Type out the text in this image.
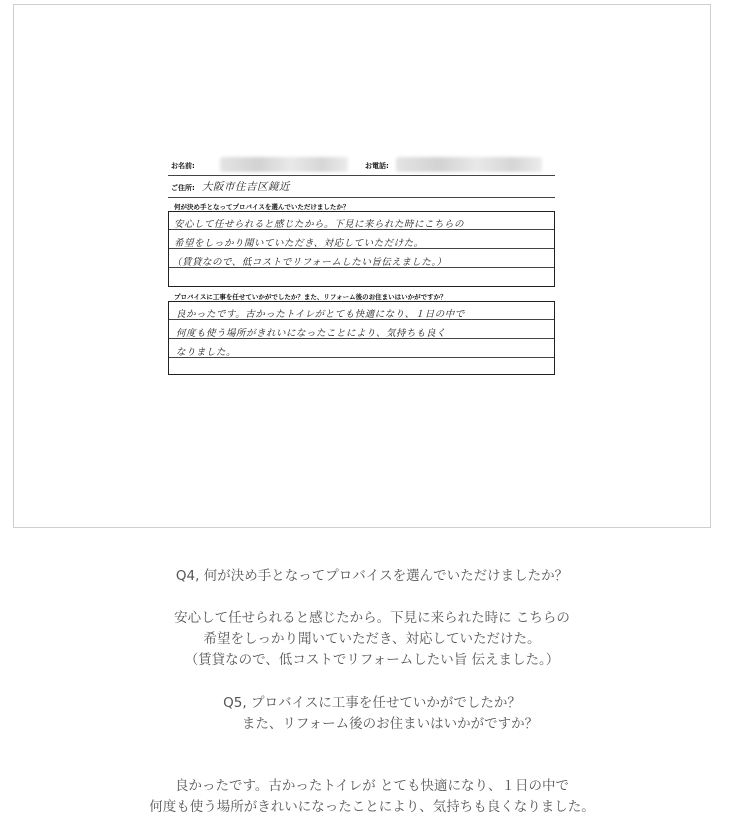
お名前:	お電話:
ご住所: 大阪市住吉区鏡近
何が決め手となってプロバイスを選んでいただけましたか？
安心して任せられると感じたから。下見に来られた時にこちらの
希望をしっかり聞いていただき、対応していただけた。
（賃貸なので、低コストでリフォームしたい旨伝えました。）
プロバイスに工事を任せていかがでしたか？また、リフォーム後のお住まいはいかがですか？
良かったです。古かったトイレがとても快適になり、１日の中で
何度も使う場所がきれいになったことにより、気持ちも良く
なりました。
Q4, 何が決め手となってプロバイスを選んでいただけましたか？
安心して任せられると感じたから。下見に来られた時に こちらの
希望をしっかり聞いていただき、対応していただけた。
（賃貸なので、低コストでリフォームしたい旨 伝えました。）
Q5, プロバイスに工事を任せていかがでしたか？
また、リフォーム後のお住まいはいかがですか？
良かったです。古かったトイレが とても快適になり、１日の中で
何度も使う場所がきれいになったことにより、気持ちも良くなりました。
